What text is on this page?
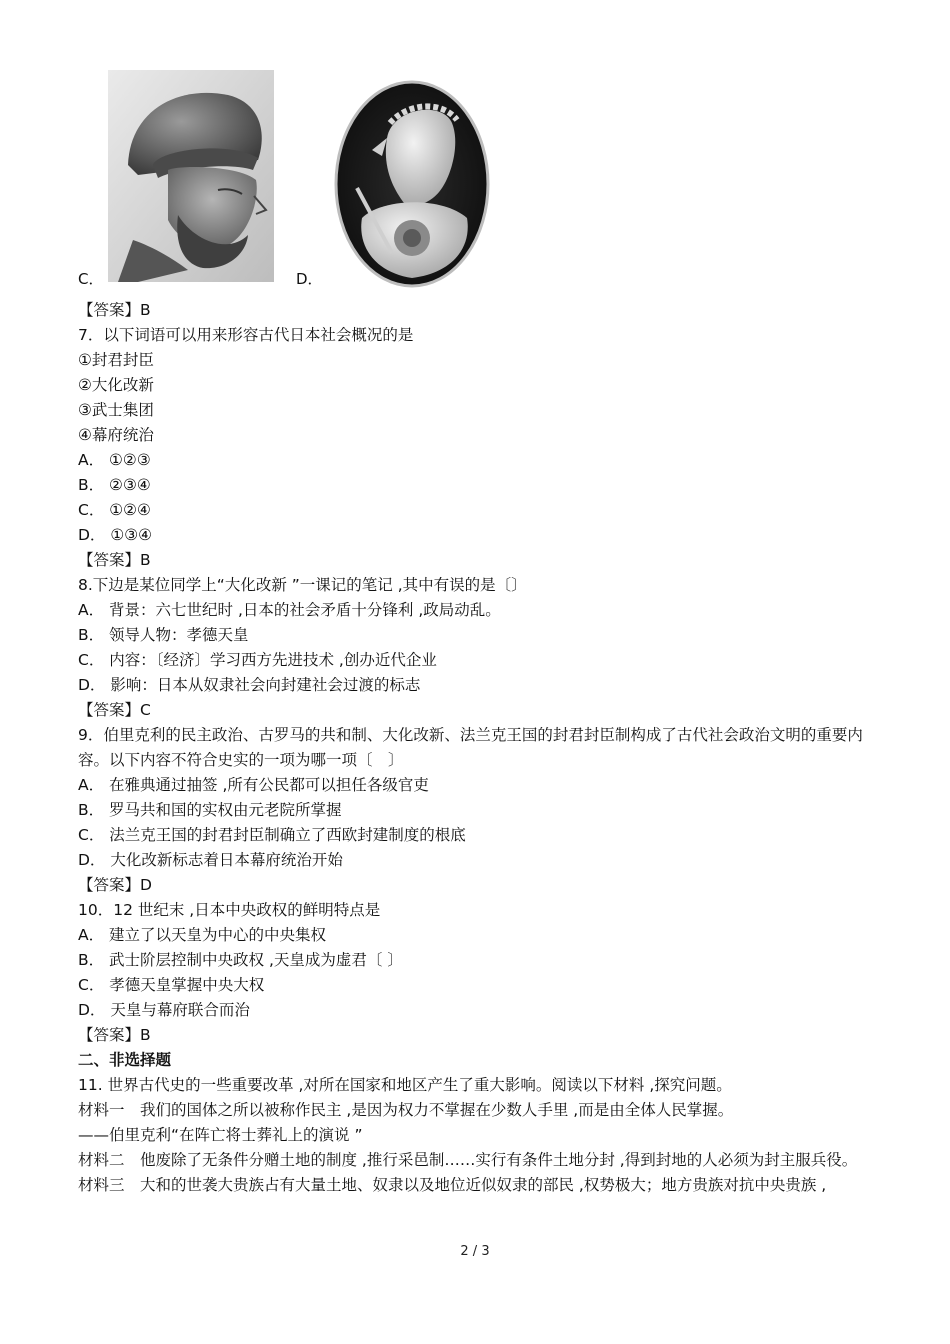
C．	D．

【答案】B

7．以下词语可以用来形容古代日本社会概况的是

①封君封臣

②大化改新

③武士集团

④幕府统治

A． ①②③

B． ②③④

C． ①②④

D． ①③④

【答案】B

8.下边是某位同学上“大化改新 ”一课记的笔记 ,其中有误的是〔〕

A． 背景：六七世纪时 ,日本的社会矛盾十分锋利 ,政局动乱。

B． 领导人物：孝德天皇

C． 内容：〔经济〕学习西方先进技术 ,创办近代企业

D． 影响：日本从奴隶社会向封建社会过渡的标志

【答案】C

9．伯里克利的民主政治、古罗马的共和制、大化改新、法兰克王国的封君封臣制构成了古代社会政治文明的重要内容。以下内容不符合史实的一项为哪一项〔　〕

A． 在雅典通过抽签 ,所有公民都可以担任各级官吏

B． 罗马共和国的实权由元老院所掌握

C． 法兰克王国的封君封臣制确立了西欧封建制度的根底

D． 大化改新标志着日本幕府统治开始

【答案】D

10．12 世纪末 ,日本中央政权的鲜明特点是

A． 建立了以天皇为中心的中央集权

B． 武士阶层控制中央政权 ,天皇成为虚君〔 〕

C． 孝德天皇掌握中央大权

D． 天皇与幕府联合而治

【答案】B

二、非选择题

11. 世界古代史的一些重要改革 ,对所在国家和地区产生了重大影响。阅读以下材料 ,探究问题。

材料一　我们的国体之所以被称作民主 ,是因为权力不掌握在少数人手里 ,而是由全体人民掌握。

——伯里克利“在阵亡将士葬礼上的演说 ”

材料二　他废除了无条件分赠土地的制度 ,推行采邑制……实行有条件土地分封 ,得到封地的人必须为封主服兵役。

材料三　大和的世袭大贵族占有大量土地、奴隶以及地位近似奴隶的部民 ,权势极大；地方贵族对抗中央贵族 ,

2 / 3
